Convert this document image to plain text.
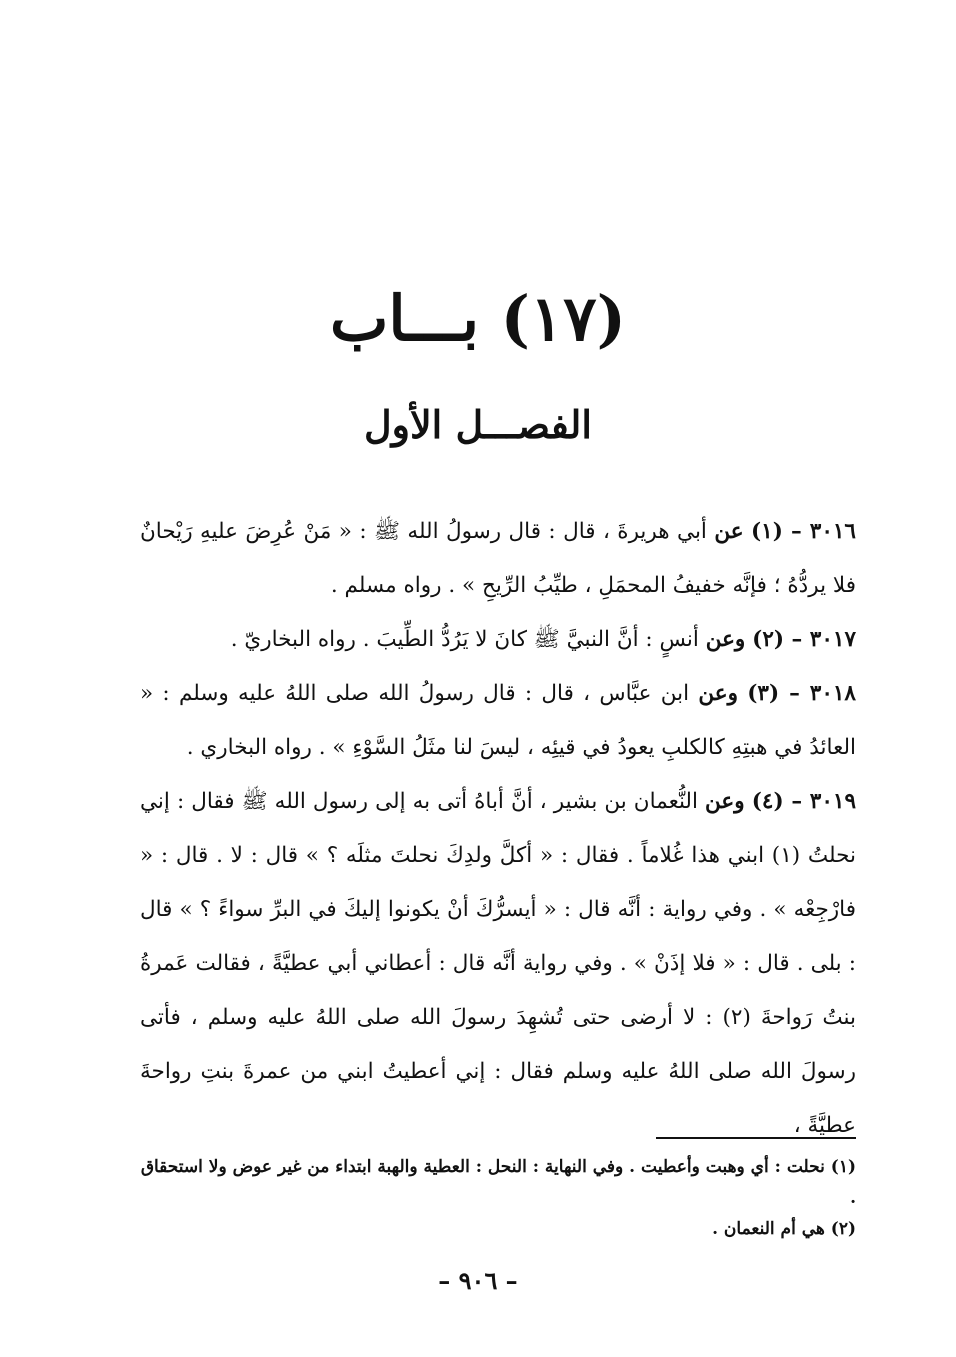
(١٧) بـــاب
الفصـــل الأول

٣٠١٦ – (١) عن أبي هريرةَ ، قال : قال رسولُ الله ﷺ : « مَنْ عُرِضَ عليهِ رَيْحانٌ فلا يردُّهُ ؛ فإنَّه خفيفُ المحمَلِ ، طيِّبُ الرِّيحِ » . رواه مسلم .

٣٠١٧ – (٢) وعن أنسٍ : أنَّ النبيَّ ﷺ كانَ لا يَرُدُّ الطِّيبَ . رواه البخاريّ .

٣٠١٨ – (٣) وعن ابن عبَّاس ، قال : قال رسولُ الله صلى اللهُ عليه وسلم : « العائدُ في هبتِهِ كالكلبِ يعودُ في قيئِه ، ليسَ لنا مثَلُ السَّوْءِ » . رواه البخاري .

٣٠١٩ – (٤) وعن النُّعمان بن بشير ، أنَّ أباهُ أتى به إلى رسول الله ﷺ فقال : إني نحلتُ (١) ابني هذا غُلاماً . فقال : « أكلَّ ولدِكَ نحلتَ مثلَه ؟ » قال : لا . قال : « فارْجِعْه » . وفي رواية : أنَّه قال : « أيسرُّكَ أنْ يكونوا إليكَ في البرِّ سواءً ؟ » قال : بلى . قال : « فلا إذَنْ » . وفي رواية أنَّه قال : أعطاني أبي عطيَّةً ، فقالت عَمرةُ بنتُ رَواحةَ (٢) : لا أرضى حتى تُشهِدَ رسولَ الله صلى اللهُ عليه وسلم ، فأتى رسولَ الله صلى اللهُ عليه وسلم فقال : إني أعطيتُ ابني من عمرةَ بنتِ رواحةَ عطيَّةً ،

(١) نحلت : أي وهبت وأعطيت . وفي النهاية : النحل : العطية والهبة ابتداء من غير عوض ولا استحقاق .

(٢) هي أم النعمان .

– ٩٠٦ –
